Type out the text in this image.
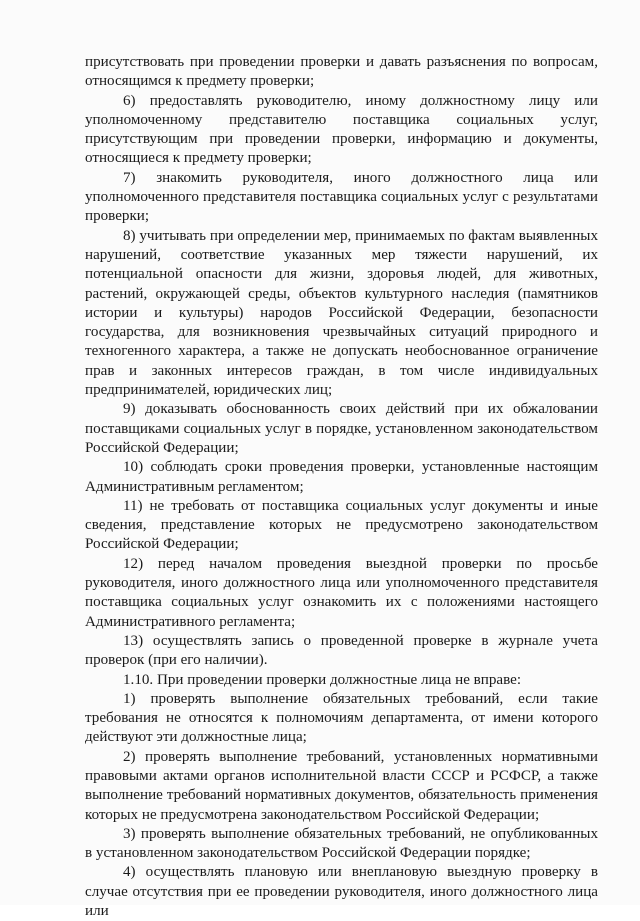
присутствовать при проведении проверки и давать разъяснения по вопросам, относящимся к предмету проверки;

6) предоставлять руководителю, иному должностному лицу или уполномоченному представителю поставщика социальных услуг, присутствующим при проведении проверки, информацию и документы, относящиеся к предмету проверки;

7) знакомить руководителя, иного должностного лица или уполномоченного представителя поставщика социальных услуг с результатами проверки;

8) учитывать при определении мер, принимаемых по фактам выявленных нарушений, соответствие указанных мер тяжести нарушений, их потенциальной опасности для жизни, здоровья людей, для животных, растений, окружающей среды, объектов культурного наследия (памятников истории и культуры) народов Российской Федерации, безопасности государства, для возникновения чрезвычайных ситуаций природного и техногенного характера, а также не допускать необоснованное ограничение прав и законных интересов граждан, в том числе индивидуальных предпринимателей, юридических лиц;

9) доказывать обоснованность своих действий при их обжаловании поставщиками социальных услуг в порядке, установленном законодательством Российской Федерации;

10) соблюдать сроки проведения проверки, установленные настоящим Административным регламентом;

11) не требовать от поставщика социальных услуг документы и иные сведения, представление которых не предусмотрено законодательством Российской Федерации;

12) перед началом проведения выездной проверки по просьбе руководителя, иного должностного лица или уполномоченного представителя поставщика социальных услуг ознакомить их с положениями настоящего Административного регламента;

13) осуществлять запись о проведенной проверке в журнале учета проверок (при его наличии).

1.10. При проведении проверки должностные лица не вправе:

1) проверять выполнение обязательных требований, если такие требования не относятся к полномочиям департамента, от имени которого действуют эти должностные лица;

2) проверять выполнение требований, установленных нормативными правовыми актами органов исполнительной власти СССР и РСФСР, а также выполнение требований нормативных документов, обязательность применения которых не предусмотрена законодательством Российской Федерации;

3) проверять выполнение обязательных требований, не опубликованных в установленном законодательством Российской Федерации порядке;

4) осуществлять плановую или внеплановую выездную проверку в случае отсутствия при ее проведении руководителя, иного должностного лица или
